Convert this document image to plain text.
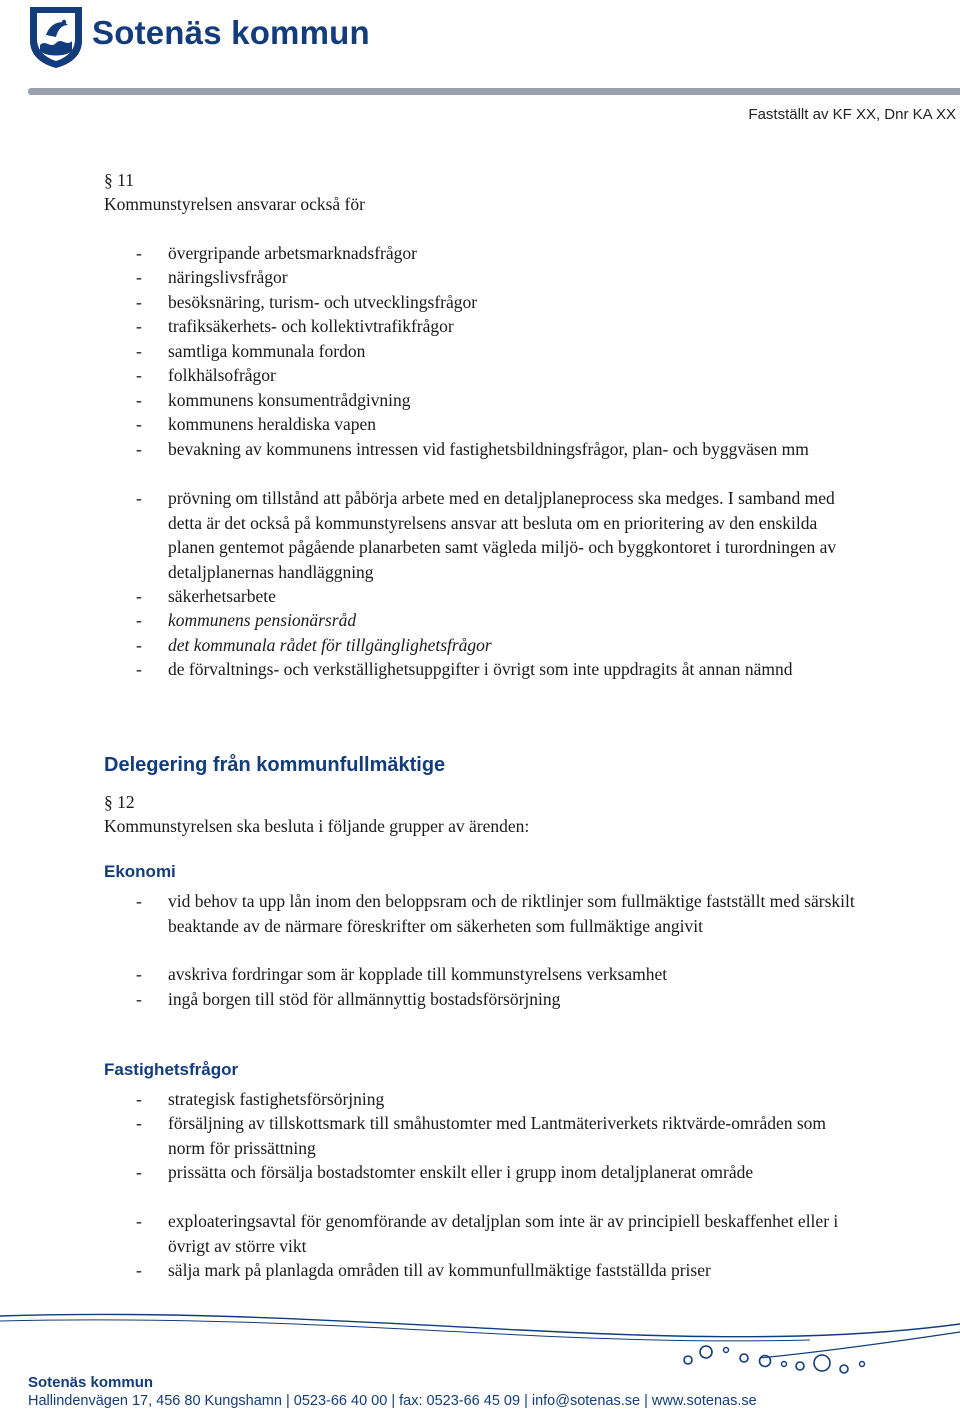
Sotenäs kommun
Fastställt av KF XX, Dnr KA XX
§ 11
Kommunstyrelsen ansvarar också för
- övergripande arbetsmarknadsfrågor
- näringslivsfrågor
- besöksnäring, turism- och utvecklingsfrågor
- trafiksäkerhets- och kollektivtrafikfrågor
- samtliga kommunala fordon
- folkhälsofrågor
- kommunens konsumentrådgivning
- kommunens heraldiska vapen
- bevakning av kommunens intressen vid fastighetsbildningsfrågor, plan- och byggväsen mm
- prövning om tillstånd att påbörja arbete med en detaljplaneprocess ska medges. I samband med detta är det också på kommunstyrelsens ansvar att besluta om en prioritering av den enskilda planen gentemot pågående planarbeten samt vägleda miljö- och byggkontoret i turordningen av detaljplanernas handläggning
- säkerhetsarbete
- kommunens pensionärsråd
- det kommunala rådet för tillgänglighetsfrågor
- de förvaltnings- och verkställighetsuppgifter i övrigt som inte uppdragits åt annan nämnd
Delegering från kommunfullmäktige
§ 12
Kommunstyrelsen ska besluta i följande grupper av ärenden:
Ekonomi
- vid behov ta upp lån inom den beloppsram och de riktlinjer som fullmäktige fastställt med särskilt beaktande av de närmare föreskrifter om säkerheten som fullmäktige angivit
- avskriva fordringar som är kopplade till kommunstyrelsens verksamhet
- ingå borgen till stöd för allmännyttig bostadsförsörjning
Fastighetsfrågor
- strategisk fastighetsförsörjning
- försäljning av tillskottsmark till småhustomter med Lantmäteriverkets riktvärde-områden som norm för prissättning
- prissätta och försälja bostadstomter enskilt eller i grupp inom detaljplanerat område
- exploateringsavtal för genomförande av detaljplan som inte är av principiell beskaffenhet eller i övrigt av större vikt
- sälja mark på planlagda områden till av kommunfullmäktige fastställda priser
Sotenäs kommun
Hallindenvägen 17, 456 80 Kungshamn | 0523-66 40 00 | fax: 0523-66 45 09 | info@sotenas.se | www.sotenas.se
